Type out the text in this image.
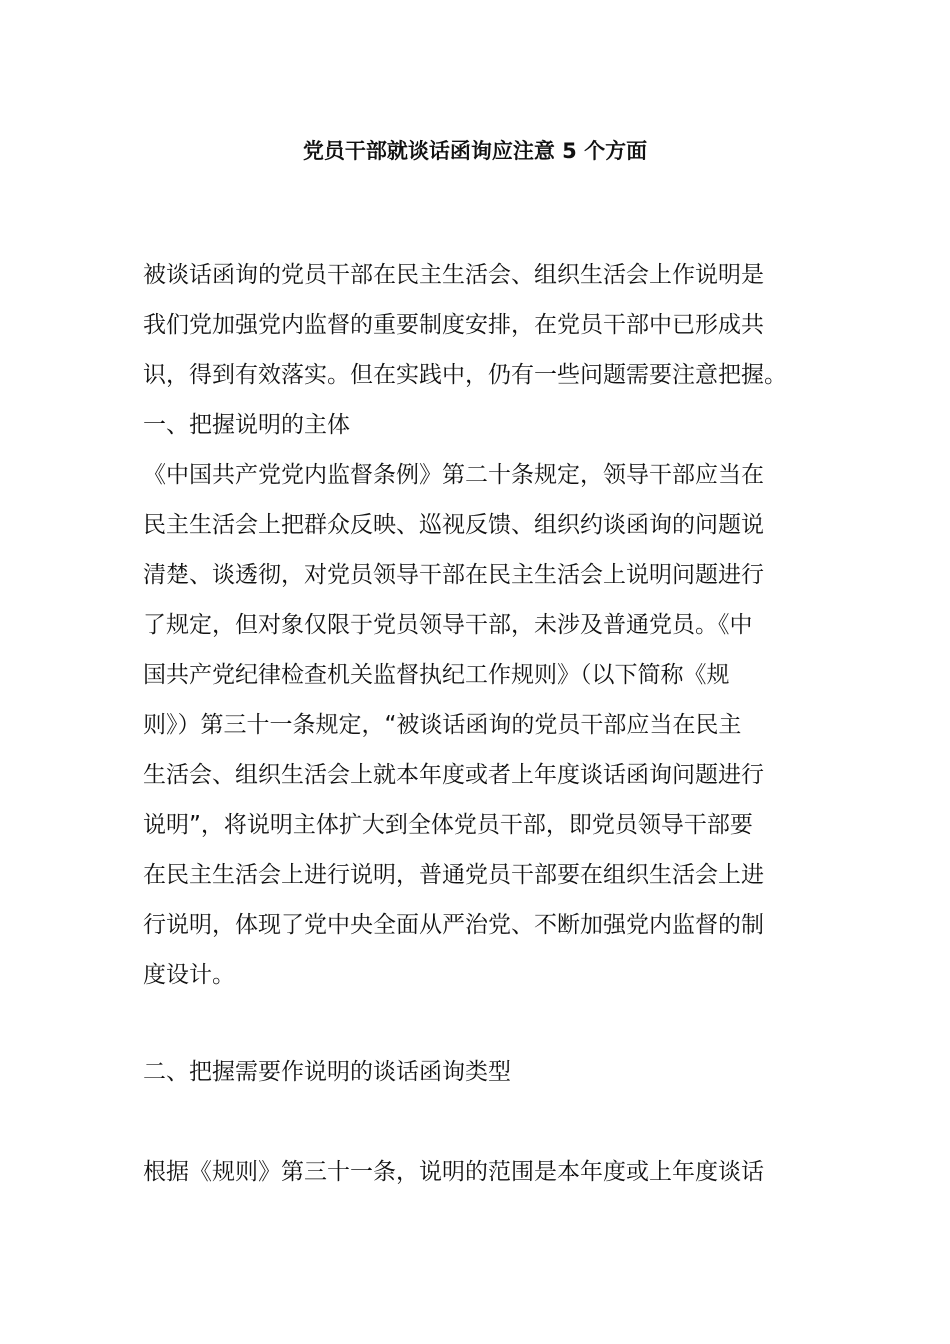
党员干部就谈话函询应注意 5 个方面
被谈话函询的党员干部在民主生活会、组织生活会上作说明是
我们党加强党内监督的重要制度安排，在党员干部中已形成共
识，得到有效落实。但在实践中，仍有一些问题需要注意把握。
一、把握说明的主体
《中国共产党党内监督条例》第二十条规定，领导干部应当在
民主生活会上把群众反映、巡视反馈、组织约谈函询的问题说
清楚、谈透彻，对党员领导干部在民主生活会上说明问题进行
了规定，但对象仅限于党员领导干部，未涉及普通党员。《中
国共产党纪律检查机关监督执纪工作规则》（以下简称《规
则》）第三十一条规定，“被谈话函询的党员干部应当在民主
生活会、组织生活会上就本年度或者上年度谈话函询问题进行
说明”，将说明主体扩大到全体党员干部，即党员领导干部要
在民主生活会上进行说明，普通党员干部要在组织生活会上进
行说明，体现了党中央全面从严治党、不断加强党内监督的制
度设计。
二、把握需要作说明的谈话函询类型
根据《规则》第三十一条，说明的范围是本年度或上年度谈话
